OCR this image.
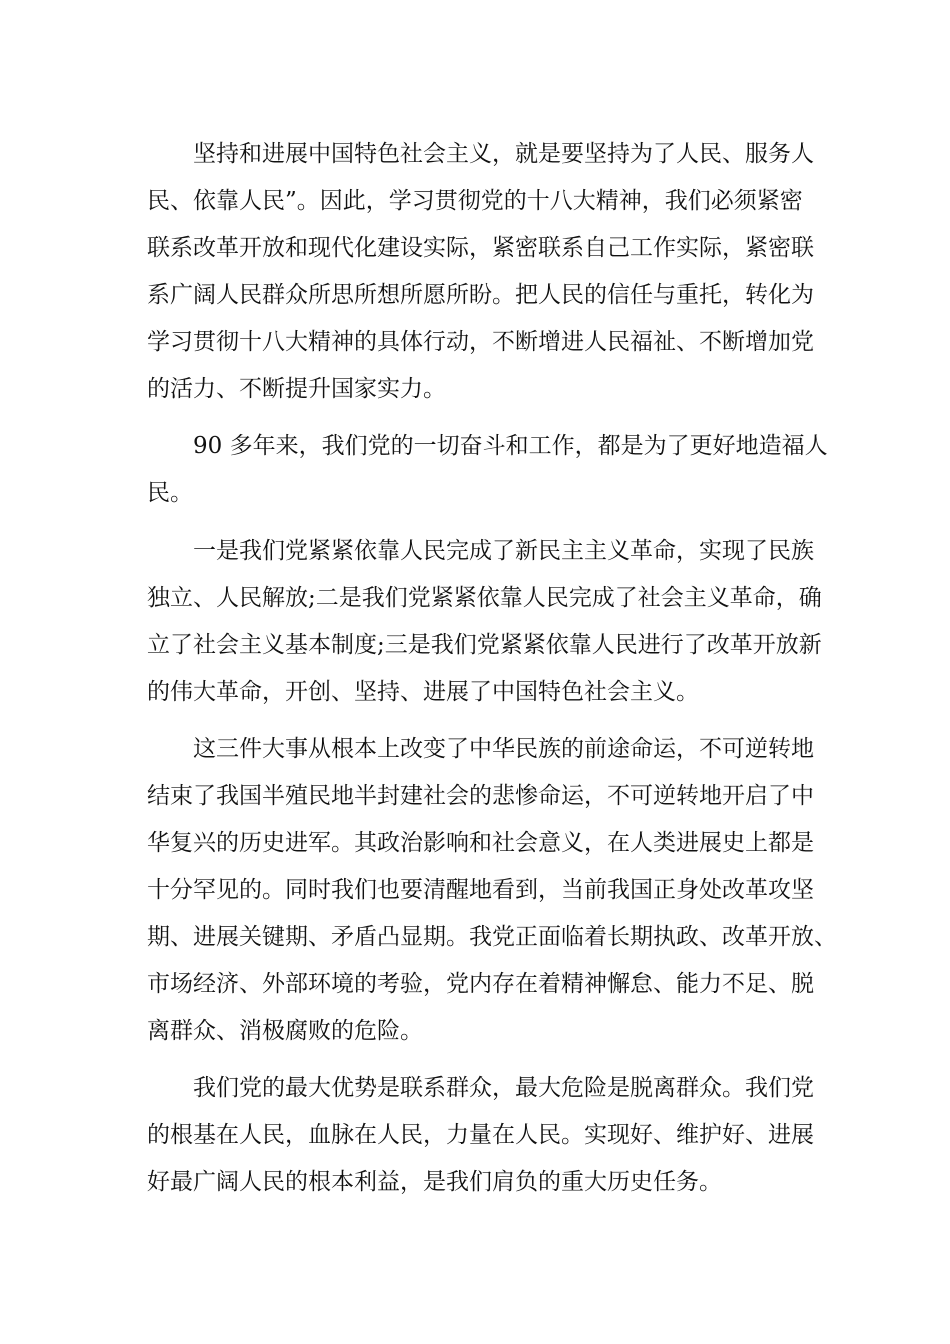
　　坚持和进展中国特色社会主义，就是要坚持为了人民、服务人
民、依靠人民”。因此，学习贯彻党的十八大精神，我们必须紧密
联系改革开放和现代化建设实际，紧密联系自己工作实际，紧密联
系广阔人民群众所思所想所愿所盼。把人民的信任与重托，转化为
学习贯彻十八大精神的具体行动，不断增进人民福祉、不断增加党
的活力、不断提升国家实力。
　　90 多年来，我们党的一切奋斗和工作，都是为了更好地造福人
民。
　　一是我们党紧紧依靠人民完成了新民主主义革命，实现了民族
独立、人民解放;二是我们党紧紧依靠人民完成了社会主义革命，确
立了社会主义基本制度;三是我们党紧紧依靠人民进行了改革开放新
的伟大革命，开创、坚持、进展了中国特色社会主义。
　　这三件大事从根本上改变了中华民族的前途命运，不可逆转地
结束了我国半殖民地半封建社会的悲惨命运，不可逆转地开启了中
华复兴的历史进军。其政治影响和社会意义，在人类进展史上都是
十分罕见的。同时我们也要清醒地看到，当前我国正身处改革攻坚
期、进展关键期、矛盾凸显期。我党正面临着长期执政、改革开放、
市场经济、外部环境的考验，党内存在着精神懈怠、能力不足、脱
离群众、消极腐败的危险。
　　我们党的最大优势是联系群众，最大危险是脱离群众。我们党
的根基在人民，血脉在人民，力量在人民。实现好、维护好、进展
好最广阔人民的根本利益，是我们肩负的重大历史任务。
